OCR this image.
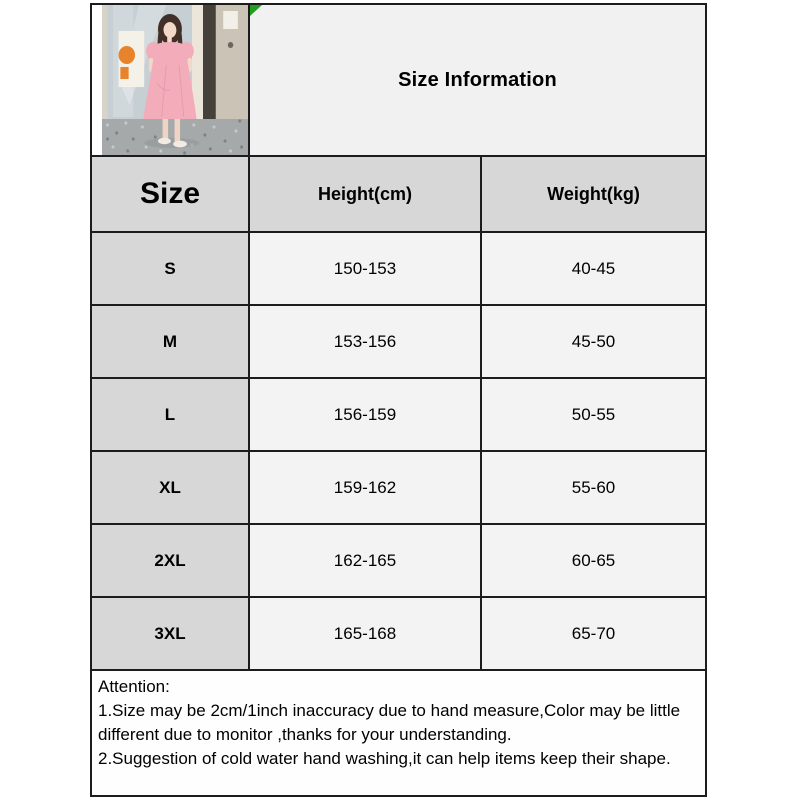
Size Information
Size	Height(cm)	Weight(kg)
S	150-153	40-45
M	153-156	45-50
L	156-159	50-55
XL	159-162	55-60
2XL	162-165	60-65
3XL	165-168	65-70
Attention:
1.Size may be 2cm/1inch inaccuracy due to hand measure,Color may be little different due to monitor ,thanks for your understanding.
2.Suggestion of cold water hand washing,it can help items keep their shape.
